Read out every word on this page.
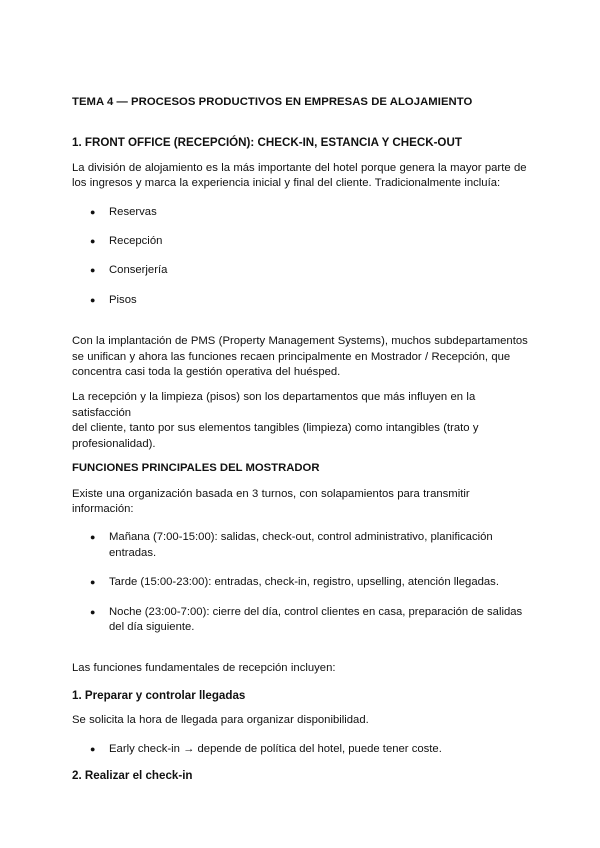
TEMA 4 — PROCESOS PRODUCTIVOS EN EMPRESAS DE ALOJAMIENTO
1. FRONT OFFICE (RECEPCIÓN): CHECK-IN, ESTANCIA Y CHECK-OUT

La división de alojamiento es la más importante del hotel porque genera la mayor parte de
los ingresos y marca la experiencia inicial y final del cliente. Tradicionalmente incluía:

● Reservas
● Recepción
● Conserjería
● Pisos

Con la implantación de PMS (Property Management Systems), muchos subdepartamentos
se unifican y ahora las funciones recaen principalmente en Mostrador / Recepción, que
concentra casi toda la gestión operativa del huésped.

La recepción y la limpieza (pisos) son los departamentos que más influyen en la satisfacción
del cliente, tanto por sus elementos tangibles (limpieza) como intangibles (trato y
profesionalidad).

FUNCIONES PRINCIPALES DEL MOSTRADOR

Existe una organización basada en 3 turnos, con solapamientos para transmitir información:

● Mañana (7:00-15:00): salidas, check-out, control administrativo, planificación
entradas.
● Tarde (15:00-23:00): entradas, check-in, registro, upselling, atención llegadas.
● Noche (23:00-7:00): cierre del día, control clientes en casa, preparación de salidas
del día siguiente.

Las funciones fundamentales de recepción incluyen:

1. Preparar y controlar llegadas

Se solicita la hora de llegada para organizar disponibilidad.

● Early check-in → depende de política del hotel, puede tener coste.
2. Realizar el check-in
